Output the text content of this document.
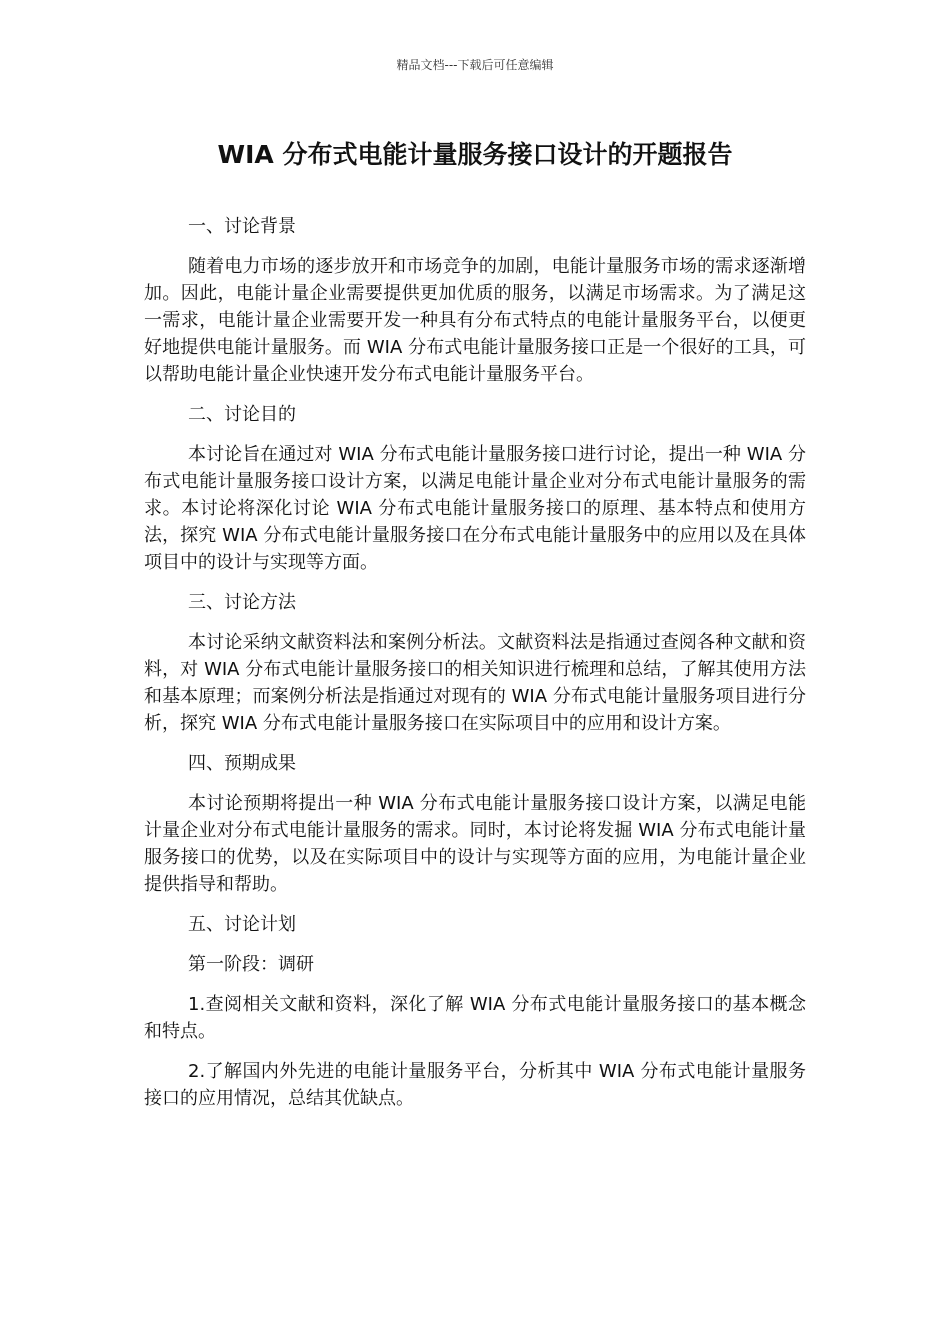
精品文档---下载后可任意编辑
WIA 分布式电能计量服务接口设计的开题报告
一、讨论背景

随着电力市场的逐步放开和市场竞争的加剧，电能计量服务市场的需求逐渐增加。因此，电能计量企业需要提供更加优质的服务，以满足市场需求。为了满足这一需求，电能计量企业需要开发一种具有分布式特点的电能计量服务平台，以便更好地提供电能计量服务。而 WIA 分布式电能计量服务接口正是一个很好的工具，可以帮助电能计量企业快速开发分布式电能计量服务平台。

二、讨论目的

本讨论旨在通过对 WIA 分布式电能计量服务接口进行讨论，提出一种 WIA 分布式电能计量服务接口设计方案，以满足电能计量企业对分布式电能计量服务的需求。本讨论将深化讨论 WIA 分布式电能计量服务接口的原理、基本特点和使用方法，探究 WIA 分布式电能计量服务接口在分布式电能计量服务中的应用以及在具体项目中的设计与实现等方面。

三、讨论方法

本讨论采纳文献资料法和案例分析法。文献资料法是指通过查阅各种文献和资料，对 WIA 分布式电能计量服务接口的相关知识进行梳理和总结，了解其使用方法和基本原理；而案例分析法是指通过对现有的 WIA 分布式电能计量服务项目进行分析，探究 WIA 分布式电能计量服务接口在实际项目中的应用和设计方案。

四、预期成果

本讨论预期将提出一种 WIA 分布式电能计量服务接口设计方案，以满足电能计量企业对分布式电能计量服务的需求。同时，本讨论将发掘 WIA 分布式电能计量服务接口的优势，以及在实际项目中的设计与实现等方面的应用，为电能计量企业提供指导和帮助。

五、讨论计划
第一阶段：调研

1.查阅相关文献和资料，深化了解 WIA 分布式电能计量服务接口的基本概念和特点。

2.了解国内外先进的电能计量服务平台，分析其中 WIA 分布式电能计量服务接口的应用情况，总结其优缺点。
